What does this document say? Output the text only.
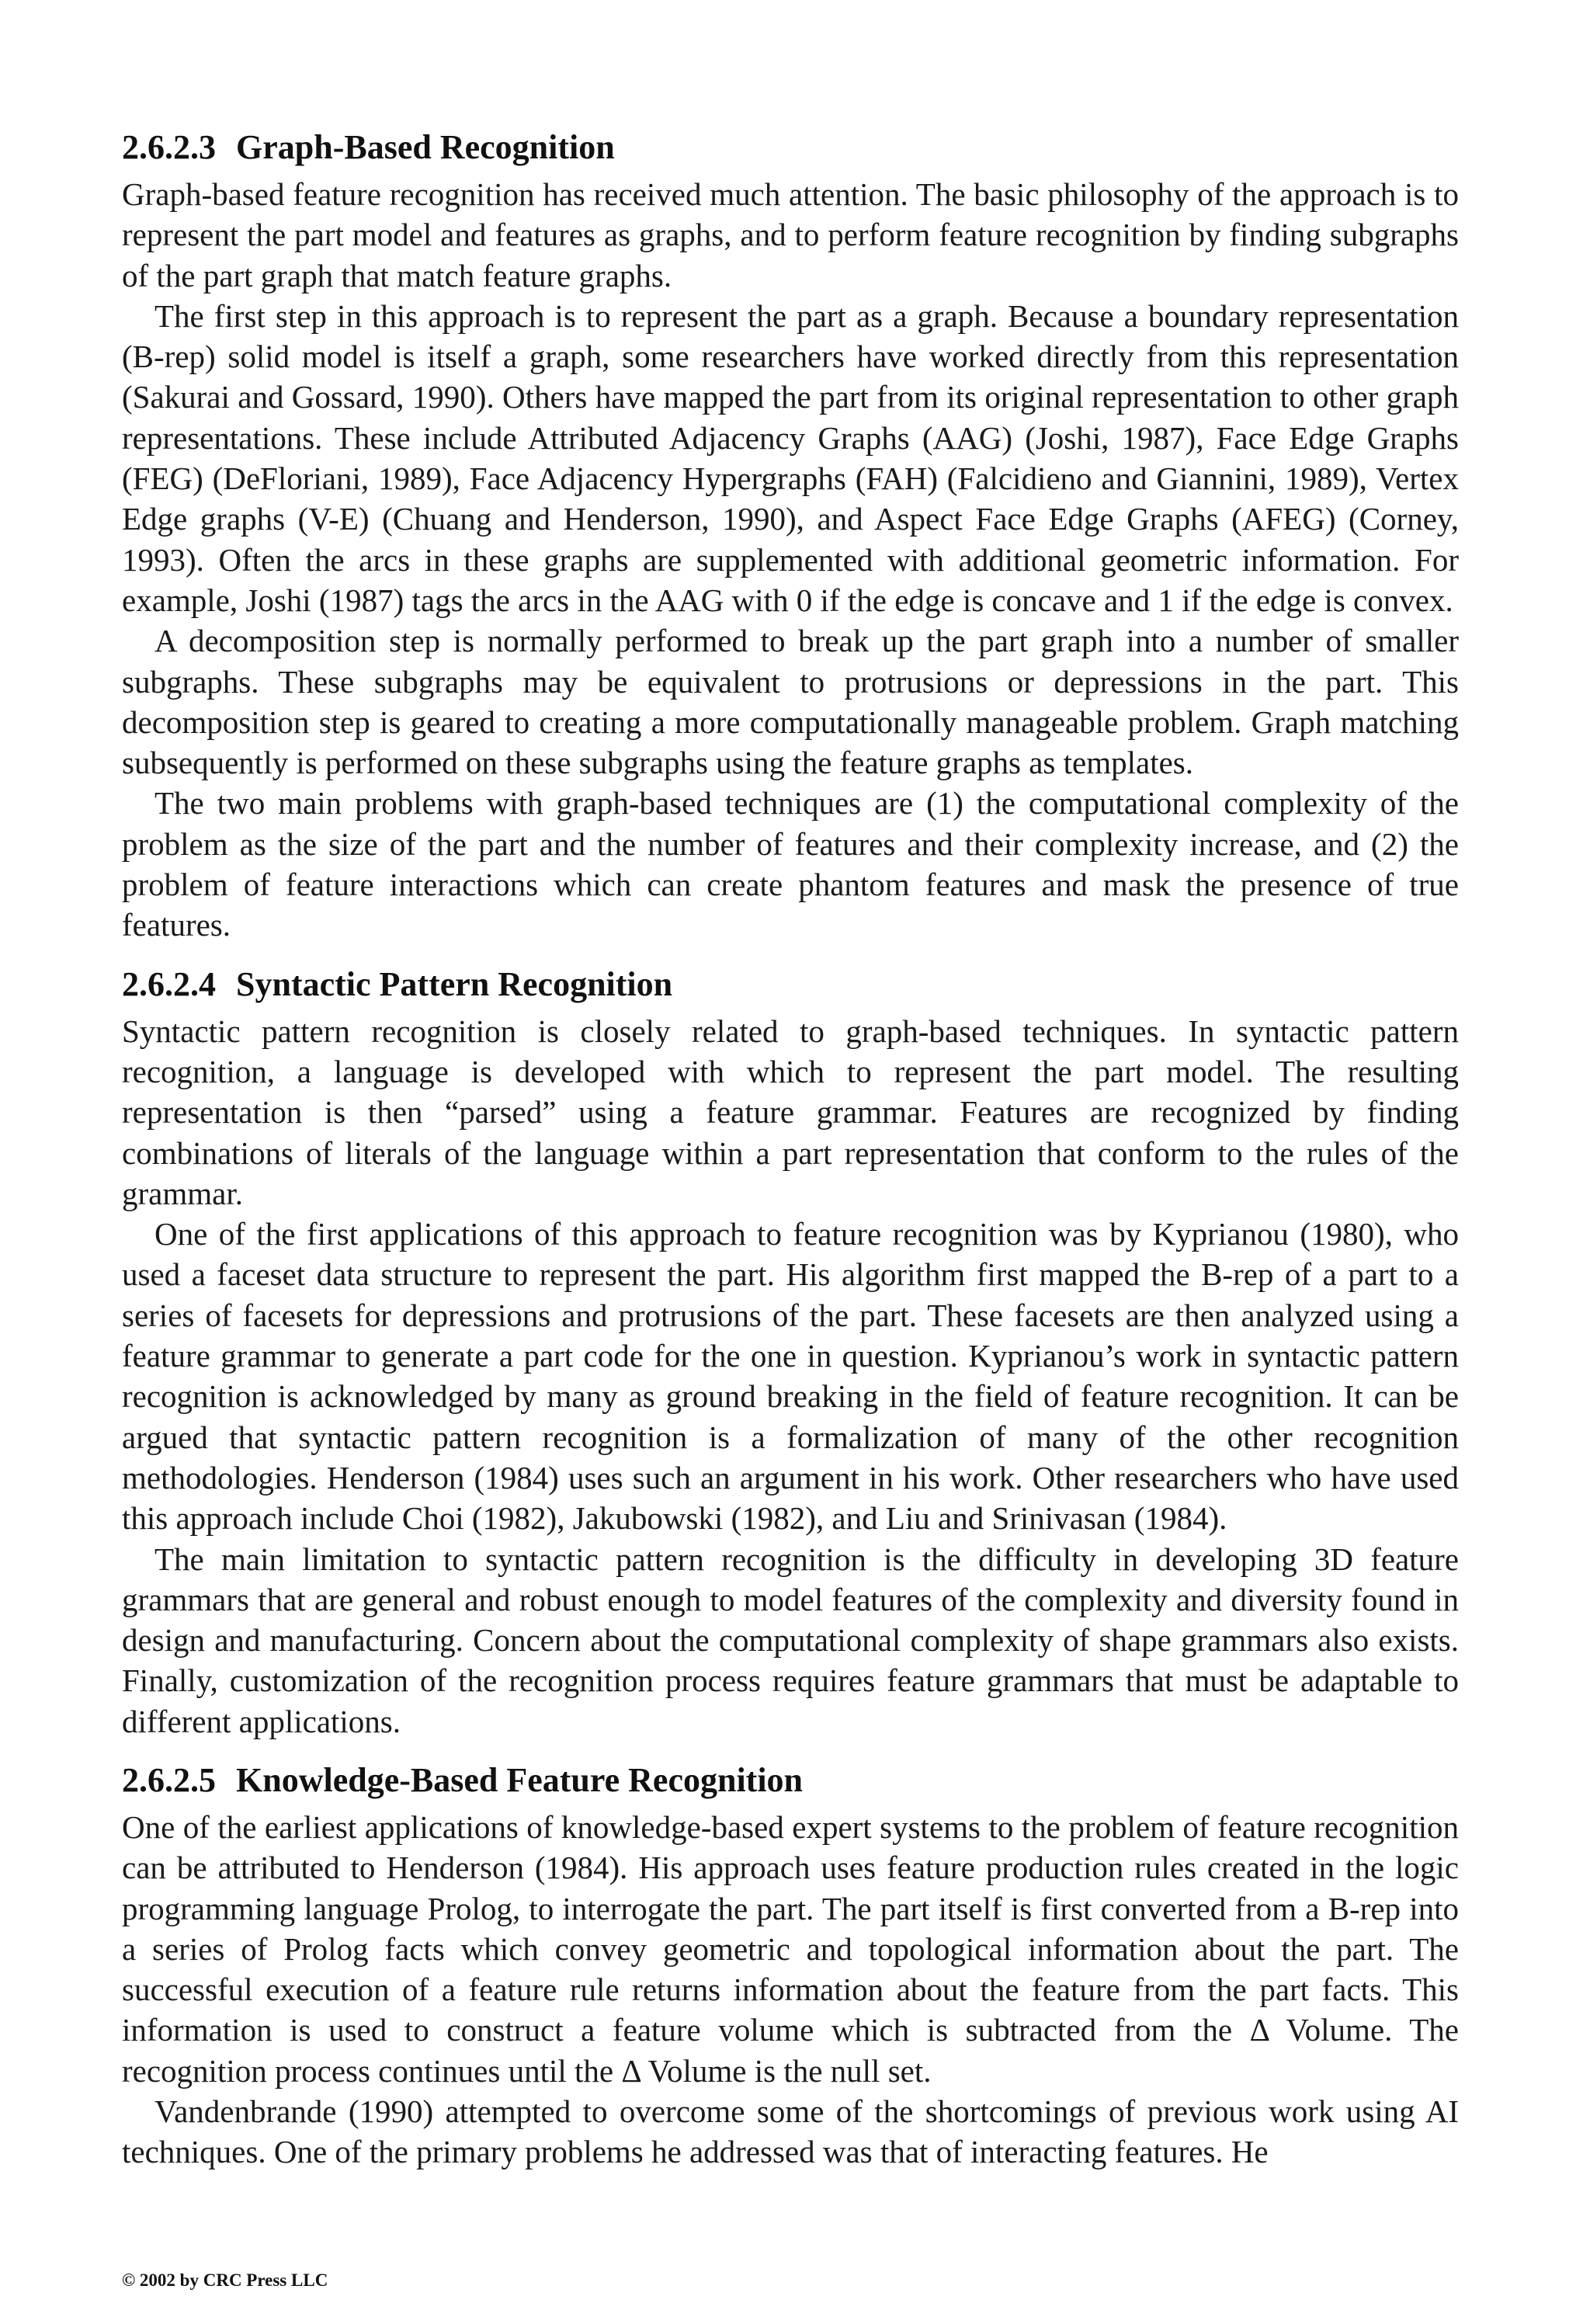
2.6.2.3 Graph-Based Recognition

Graph-based feature recognition has received much attention. The basic philosophy of the approach is to represent the part model and features as graphs, and to perform feature recognition by finding subgraphs of the part graph that match feature graphs.

The first step in this approach is to represent the part as a graph. Because a boundary representation (B-rep) solid model is itself a graph, some researchers have worked directly from this representation (Sakurai and Gossard, 1990). Others have mapped the part from its original representation to other graph representations. These include Attributed Adjacency Graphs (AAG) (Joshi, 1987), Face Edge Graphs (FEG) (DeFloriani, 1989), Face Adjacency Hypergraphs (FAH) (Falcidieno and Giannini, 1989), Vertex Edge graphs (V-E) (Chuang and Henderson, 1990), and Aspect Face Edge Graphs (AFEG) (Corney, 1993). Often the arcs in these graphs are supplemented with additional geometric information. For example, Joshi (1987) tags the arcs in the AAG with 0 if the edge is concave and 1 if the edge is convex.

A decomposition step is normally performed to break up the part graph into a number of smaller subgraphs. These subgraphs may be equivalent to protrusions or depressions in the part. This decomposition step is geared to creating a more computationally manageable problem. Graph matching subsequently is performed on these subgraphs using the feature graphs as templates.

The two main problems with graph-based techniques are (1) the computational complexity of the problem as the size of the part and the number of features and their complexity increase, and (2) the problem of feature interactions which can create phantom features and mask the presence of true features.

2.6.2.4 Syntactic Pattern Recognition

Syntactic pattern recognition is closely related to graph-based techniques. In syntactic pattern recognition, a language is developed with which to represent the part model. The resulting representation is then “parsed” using a feature grammar. Features are recognized by finding combinations of literals of the language within a part representation that conform to the rules of the grammar.

One of the first applications of this approach to feature recognition was by Kyprianou (1980), who used a faceset data structure to represent the part. His algorithm first mapped the B-rep of a part to a series of facesets for depressions and protrusions of the part. These facesets are then analyzed using a feature grammar to generate a part code for the one in question. Kyprianou’s work in syntactic pattern recognition is acknowledged by many as ground breaking in the field of feature recognition. It can be argued that syntactic pattern recognition is a formalization of many of the other recognition methodologies. Henderson (1984) uses such an argument in his work. Other researchers who have used this approach include Choi (1982), Jakubowski (1982), and Liu and Srinivasan (1984).

The main limitation to syntactic pattern recognition is the difficulty in developing 3D feature grammars that are general and robust enough to model features of the complexity and diversity found in design and manufacturing. Concern about the computational complexity of shape grammars also exists. Finally, customization of the recognition process requires feature grammars that must be adaptable to different applications.

2.6.2.5 Knowledge-Based Feature Recognition

One of the earliest applications of knowledge-based expert systems to the problem of feature recognition can be attributed to Henderson (1984). His approach uses feature production rules created in the logic programming language Prolog, to interrogate the part. The part itself is first converted from a B-rep into a series of Prolog facts which convey geometric and topological information about the part. The successful execution of a feature rule returns information about the feature from the part facts. This information is used to construct a feature volume which is subtracted from the Δ Volume. The recognition process continues until the Δ Volume is the null set.

Vandenbrande (1990) attempted to overcome some of the shortcomings of previous work using AI techniques. One of the primary problems he addressed was that of interacting features. He

© 2002 by CRC Press LLC
